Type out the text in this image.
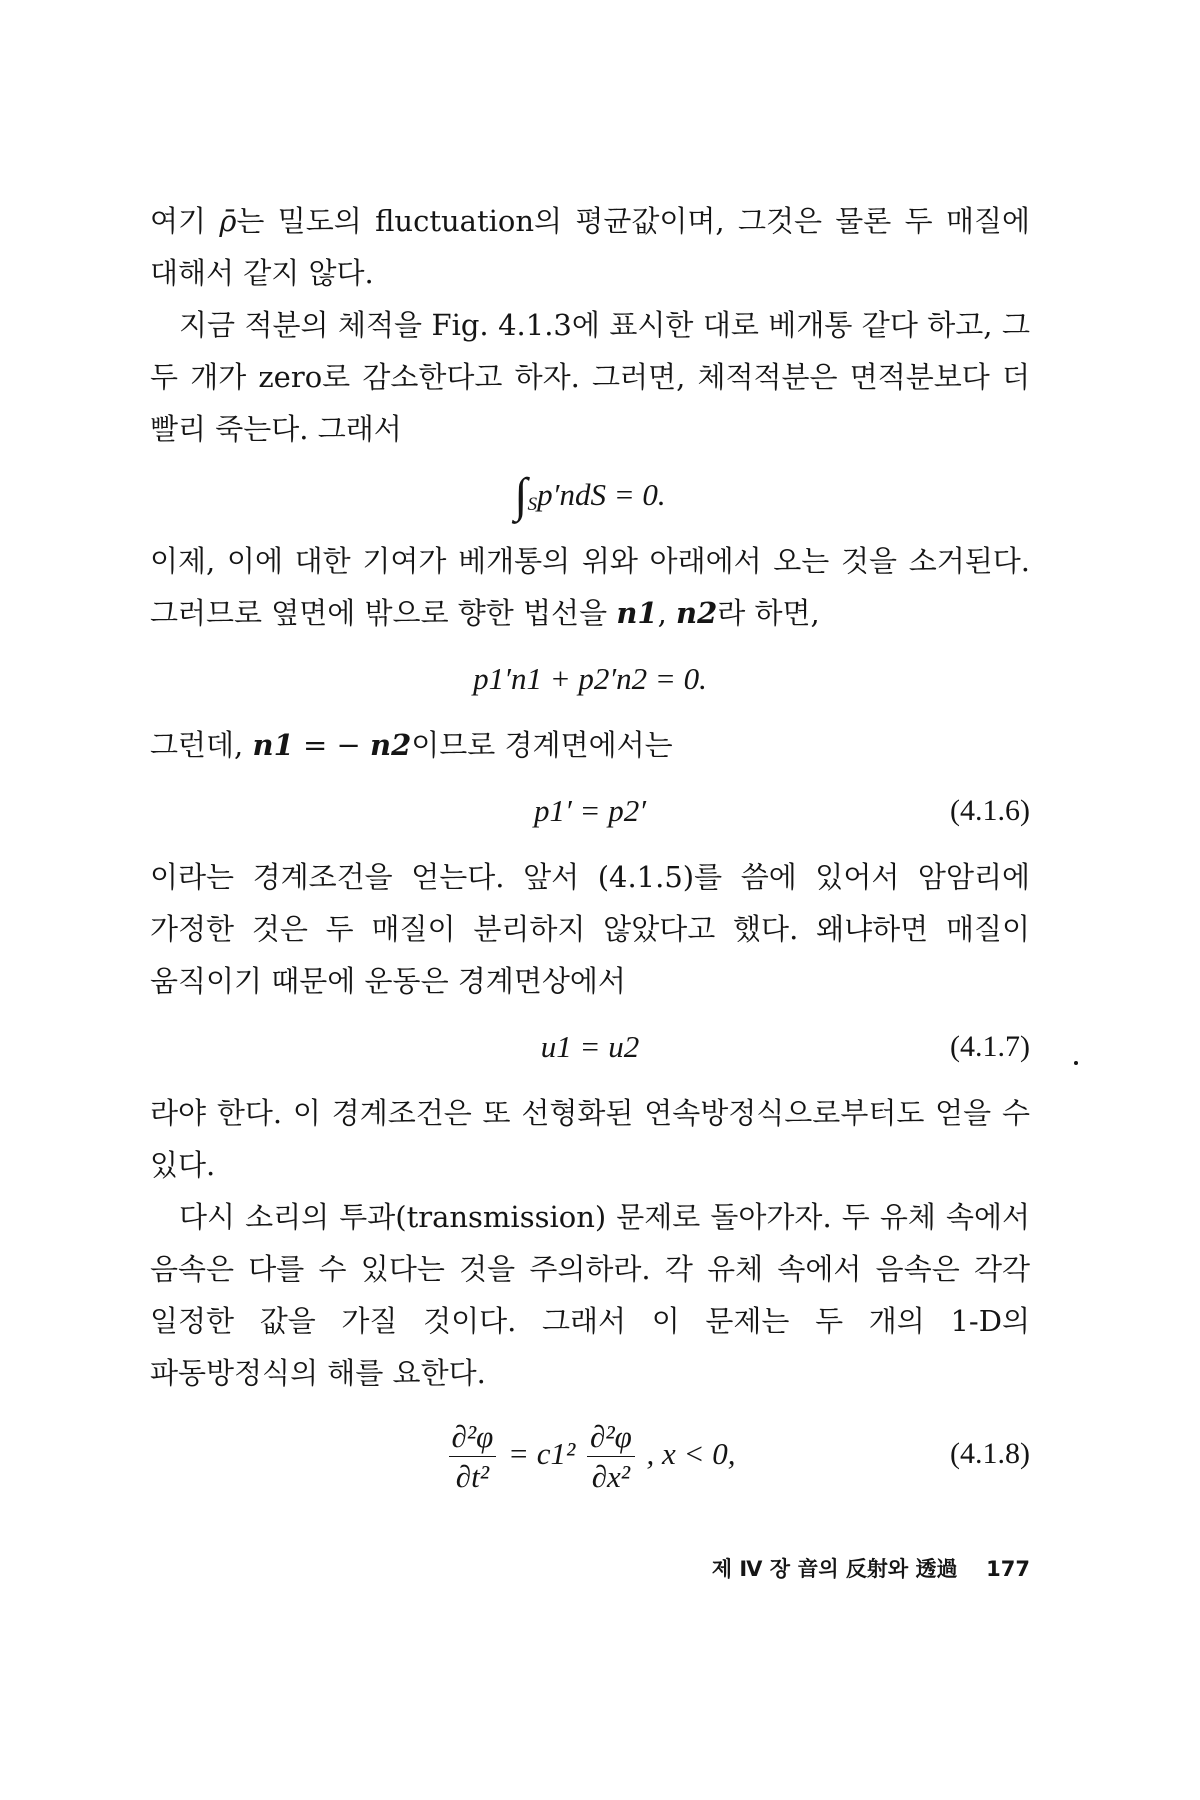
여기 ρ̄는 밀도의 fluctuation의 평균값이며, 그것은 물론 두 매질에 대해서 같지 않다.

지금 적분의 체적을 Fig. 4.1.3에 표시한 대로 베개통 같다 하고, 그 두 개가 zero로 감소한다고 하자. 그러면, 체적적분은 면적분보다 더 빨리 죽는다. 그래서

$\int_Sp'ndS = 0$.

이제, 이에 대한 기여가 베개통의 위와 아래에서 오는 것을 소거된다. 그러므로 옆면에 밖으로 향한 법선을 n1, n2라 하면,

p1′n1 + p2′n2 = 0.

그런데, n1 = − n2이므로 경계면에서는

p1′ = p2′	(4.1.6)

이라는 경계조건을 얻는다. 앞서 (4.1.5)를 씀에 있어서 암암리에 가정한 것은 두 매질이 분리하지 않았다고 했다. 왜냐하면 매질이 움직이기 때문에 운동은 경계면상에서

u1 = u2	(4.1.7)

라야 한다. 이 경계조건은 또 선형화된 연속방정식으로부터도 얻을 수 있다.

다시 소리의 투과(transmission) 문제로 돌아가자. 두 유체 속에서 음속은 다를 수 있다는 것을 주의하라. 각 유체 속에서 음속은 각각 일정한 값을 가질 것이다. 그래서 이 문제는 두 개의 1-D의 파동방정식의 해를 요한다.

$\frac{\text{∂²φ}}{\text{∂t²}} = c1^2 \frac{\text{∂²φ}}{\text{∂x²}}$ , x < 0,	(4.1.8)
제 Ⅳ 장 音의 反射와 透過 177
